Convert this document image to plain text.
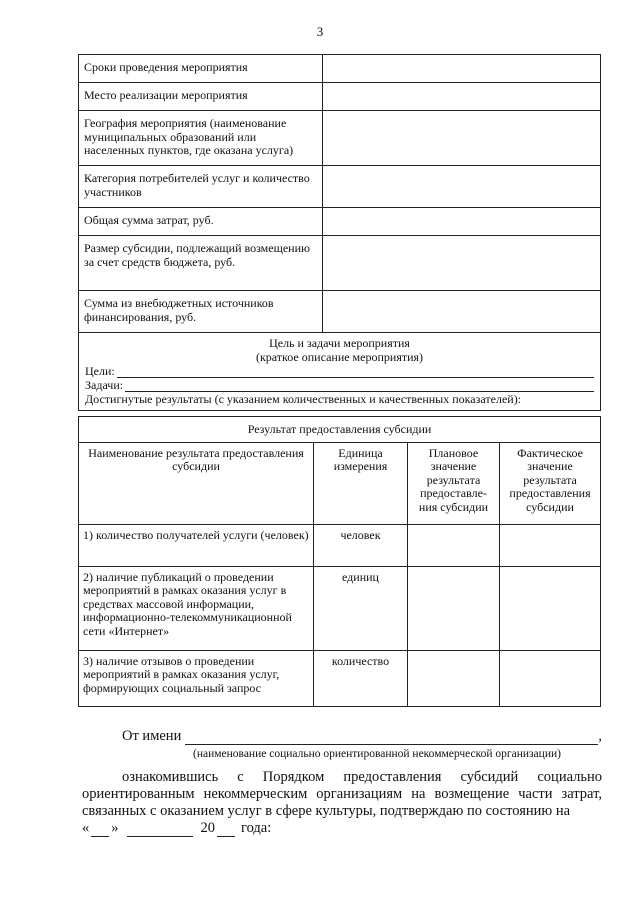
3
Сроки проведения мероприятия	
Место реализации мероприятия	
География мероприятия (наименование муниципальных образований или населенных пунктов, где оказана услуга)	
Категория потребителей услуг и количество участников	
Общая сумма затрат, руб.	
Размер субсидии, подлежащий возмещению за счет средств бюджета, руб.	
Сумма из внебюджетных источников финансирования, руб.	

Цель и задачи мероприятия
(краткое описание мероприятия)
Цели:
Задачи:
Достигнутые результаты (с указанием количественных и качественных показателей):	
Результат предоставления субсидии			
Наименование результата предоставления субсидии	Единица измерения	Плановое значение результата предоставле-ния субсидии	Фактическое значение результата предоставления субсидии
1) количество получателей услуги (человек)	человек		
2) наличие публикаций о проведении мероприятий в рамках оказания услуг в средствах массовой информации, информационно-телекоммуникационной сети «Интернет»	единиц		
3) наличие отзывов о проведении мероприятий в рамках оказания услуг, формирующих социальный запрос	количество		
От имени	,
(наименование социально ориентированной некоммерческой организации)
ознакомившись с Порядком предоставления субсидий социально ориентированным некоммерческим организациям на возмещение части затрат, связанных с оказанием услуг в сфере культуры, подтверждаю по состоянию на
« »	20 года:
